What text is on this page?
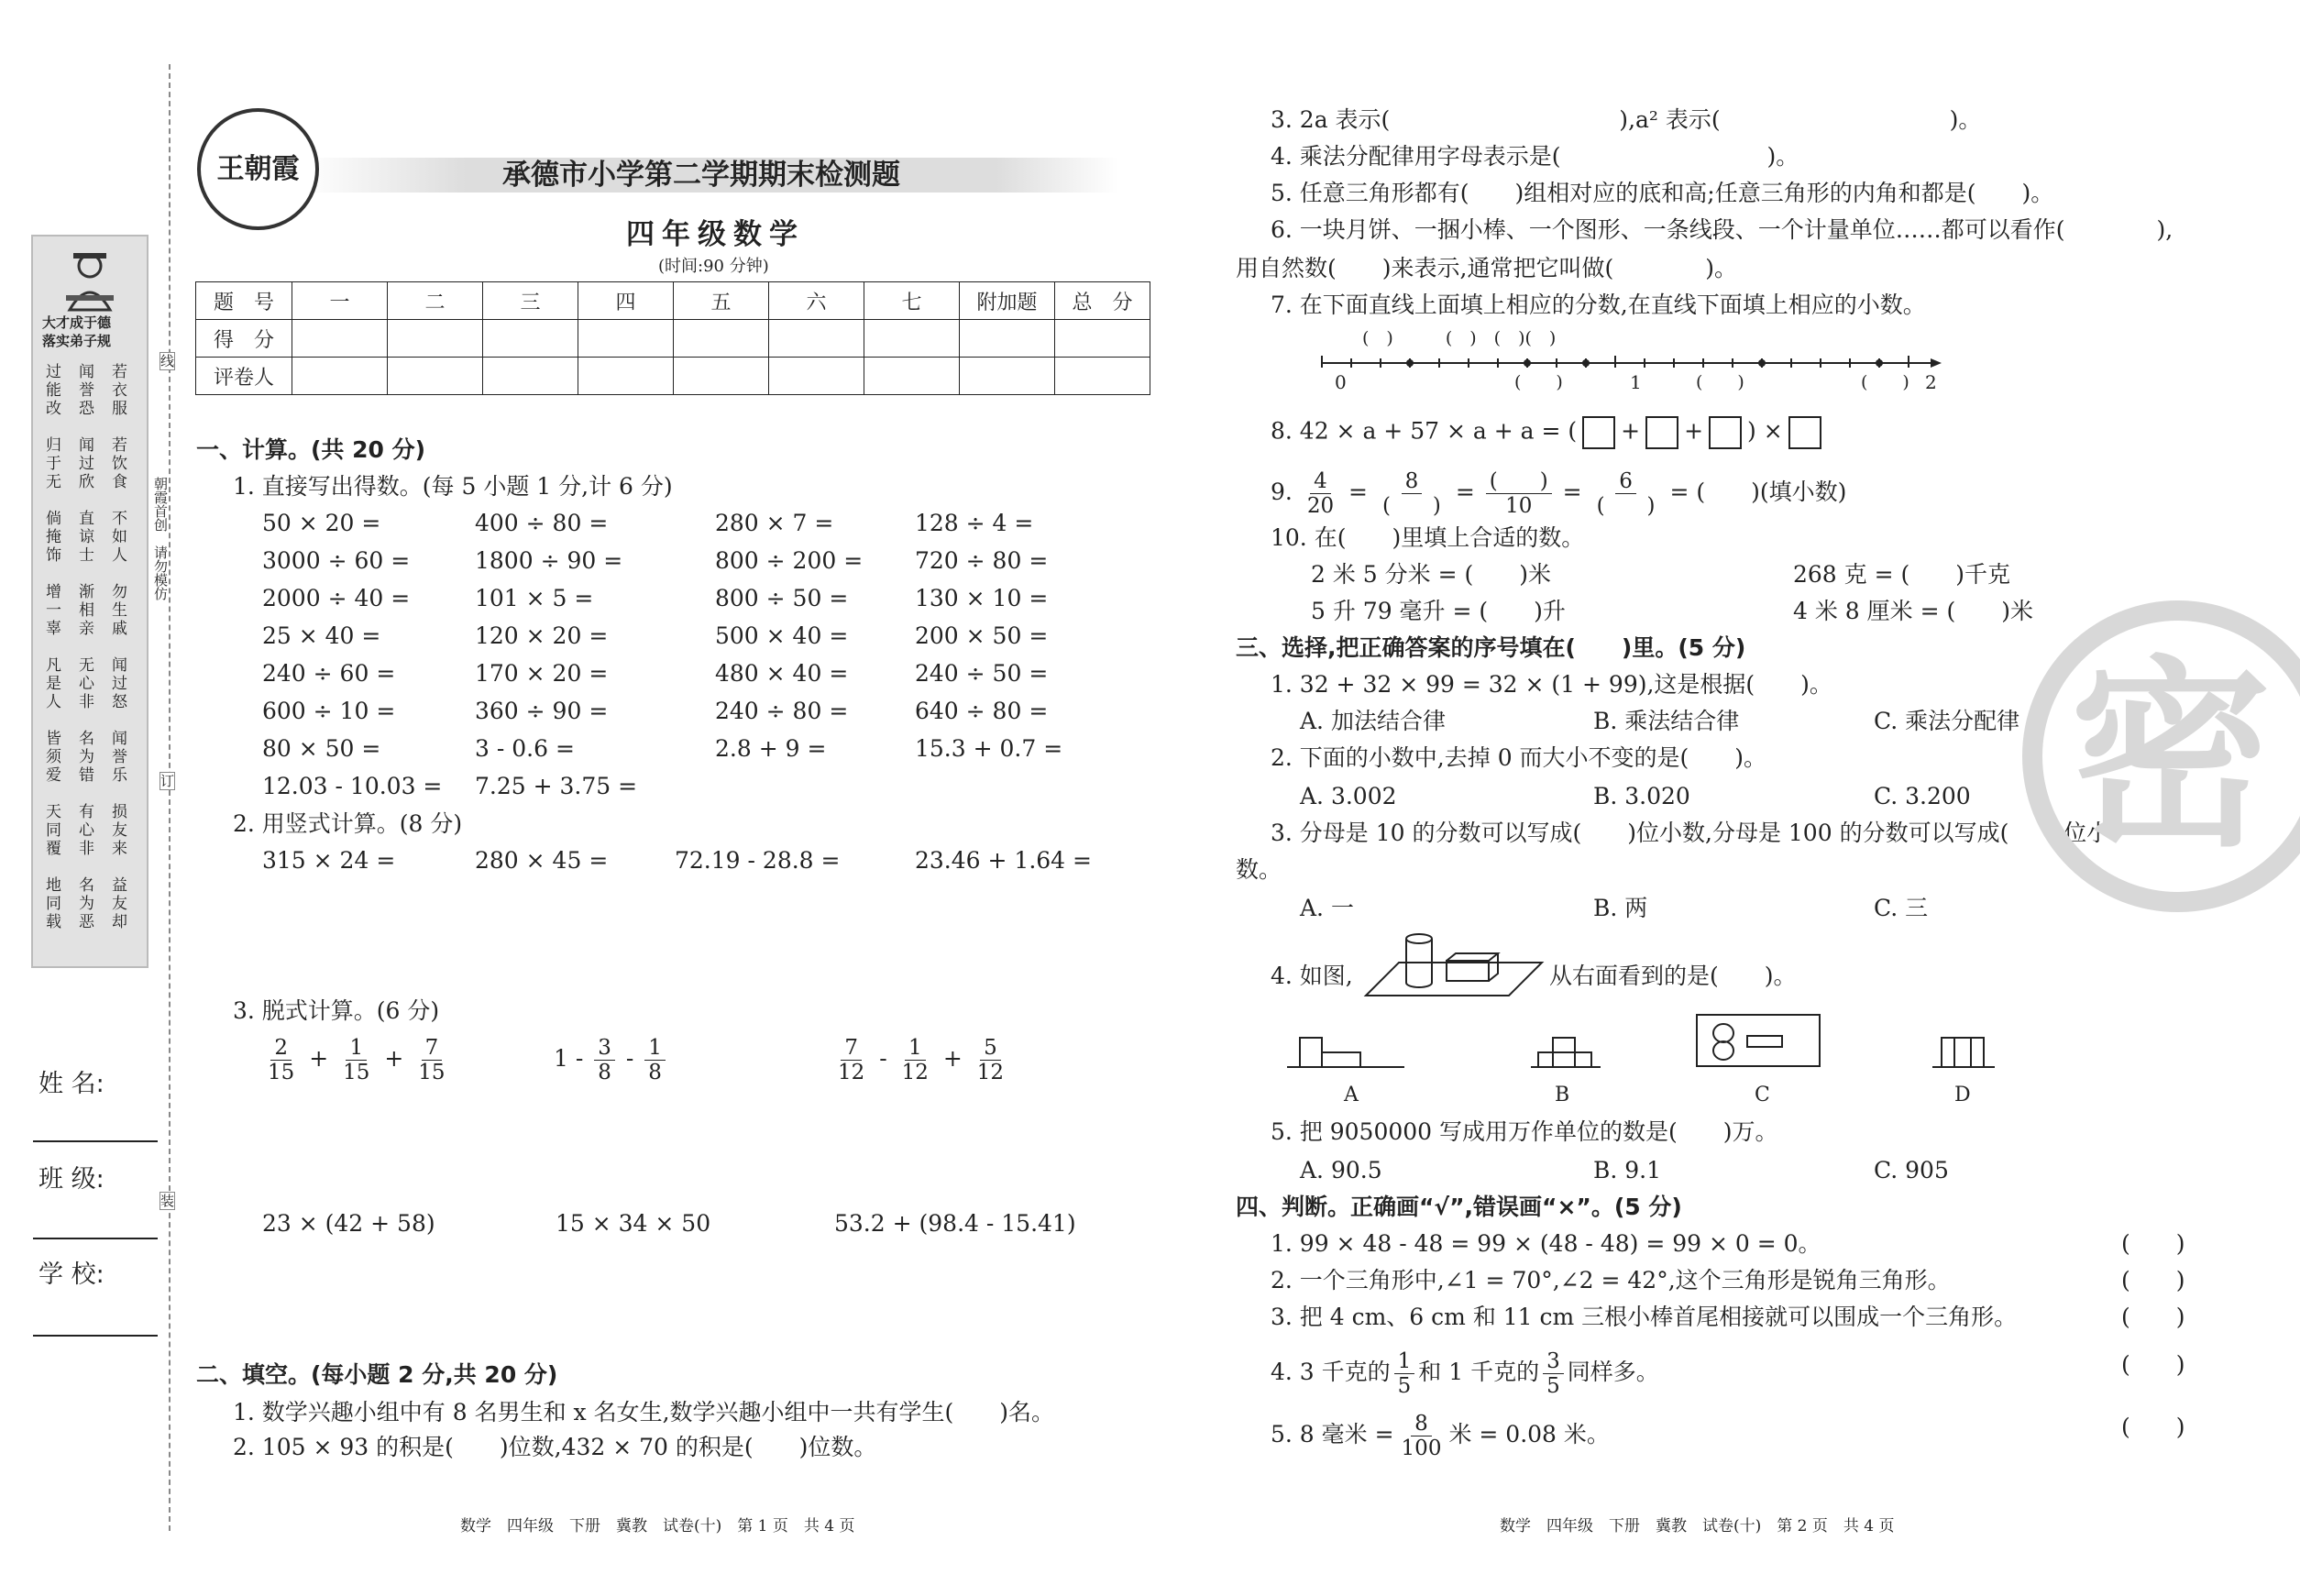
大才成于德
落实弟子规
过能改
闻誉恐
若衣服
归于无
闻过欣
若饮食
倘掩饰
直谅士
不如人
增一辜
渐相亲
勿生戚
凡是人
无心非
闻过怒
皆须爱
名为错
闻誉乐
天同覆
有心非
损友来
地同载
名为恶
益友却
姓 名:
班 级:
学 校:
线
朝霞首创　请勿模仿
订
装
王朝霞	承德市小学第二学期期末检测题
四年级数学
(时间:90 分钟)
题　号	一	二	三	四	五	六	七	附加题	总　分
得　分									
评卷人									
一、计算。(共 20 分)
1. 直接写出得数。(每 5 小题 1 分,计 6 分)
50 × 20 =	400 ÷ 80 =	280 × 7 =	128 ÷ 4 =
3000 ÷ 60 =	1800 ÷ 90 =	800 ÷ 200 = 720 ÷ 80 =
2000 ÷ 40 =	101 × 5 =	800 ÷ 50 =	130 × 10 =
25 × 40 =	120 × 20 =	500 × 40 =	200 × 50 =
240 ÷ 60 =	170 × 20 =	480 × 40 =	240 ÷ 50 =
600 ÷ 10 =	360 ÷ 90 =	240 ÷ 80 =	640 ÷ 80 =
80 × 50 =	3 - 0.6 =	2.8 + 9 =	15.3 + 0.7 =
12.03 - 10.03 = 7.25 + 3.75 =
2. 用竖式计算。(8 分)
315 × 24 =	280 × 45 =	72.19 - 28.8 =	23.46 + 1.64 =
3. 脱式计算。(6 分)
$\frac{2}{15} + \frac{1}{15} + \frac{7}{15}$	$1 - \frac{3}{8} - \frac{1}{8}$	$\frac{7}{12} - \frac{1}{12} + \frac{5}{12}$
23 × (42 + 58)	15 × 34 × 50	53.2 + (98.4 - 15.41)
二、填空。(每小题 2 分,共 20 分)
1. 数学兴趣小组中有 8 名男生和 x 名女生,数学兴趣小组中一共有学生(　　)名。
2. 105 × 93 的积是(　　)位数,432 × 70 的积是(　　)位数。
3. 2a 表示(　　　　　　　　　　),a² 表示(　　　　　　　　　　)。
4. 乘法分配律用字母表示是(　　　　　　　　　)。
5. 任意三角形都有(　　)组相对应的底和高;任意三角形的内角和都是(　　)。
6. 一块月饼、一捆小棒、一个图形、一条线段、一个计量单位……都可以看作(　　　　),
用自然数(　　)来表示,通常把它叫做(　　　　)。
7. 在下面直线上面填上相应的分数,在直线下面填上相应的小数。
(　)　　　(　)　(　)(　)
0	1
(　　)	(　　)	(　　) 2
8. 42 × a + 57 × a + a = ( + + ) ×
9. $\frac{4}{20} = \frac{8}{( )} = \frac{( )}{10} = \frac{6}{( )}$ = (　　)(填小数)
10. 在(　　)里填上合适的数。
2 米 5 分米 = (　　)米	268 克 = (　　)千克
5 升 79 毫升 = (　　)升	4 米 8 厘米 = (　　)米
三、选择,把正确答案的序号填在(　　)里。(5 分)
1. 32 + 32 × 99 = 32 × (1 + 99),这是根据(　　)。
A. 加法结合律	B. 乘法结合律	C. 乘法分配律
2. 下面的小数中,去掉 0 而大小不变的是(　　)。
A. 3.002	B. 3.020	C. 3.200
3. 分母是 10 的分数可以写成(　　)位小数,分母是 100 的分数可以写成(　　)位小
数。
A. 一	B. 两	C. 三
4. 如图,	从右面看到的是(　　)。
A	B	C	D
5. 把 9050000 写成用万作单位的数是(　　)万。
A. 90.5	B. 9.1	C. 905
四、判断。正确画“√”,错误画“×”。(5 分)
1. 99 × 48 - 48 = 99 × (48 - 48) = 99 × 0 = 0。
2. 一个三角形中,∠1 = 70°,∠2 = 42°,这个三角形是锐角三角形。
3. 把 4 cm、6 cm 和 11 cm 三根小棒首尾相接就可以围成一个三角形。
4. 3 千克的 $\frac{1}{5}$ 和 1 千克的 $\frac{3}{5}$ 同样多。
5. 8 毫米 = $\frac{8}{100}$ 米 = 0.08 米。
(　　)
(　　)
(　　)
(　　)
(　　)
密
数学　四年级　下册　冀教　试卷(十)　第 1 页　共 4 页	数学　四年级　下册　冀教　试卷(十)　第 2 页　共 4 页
